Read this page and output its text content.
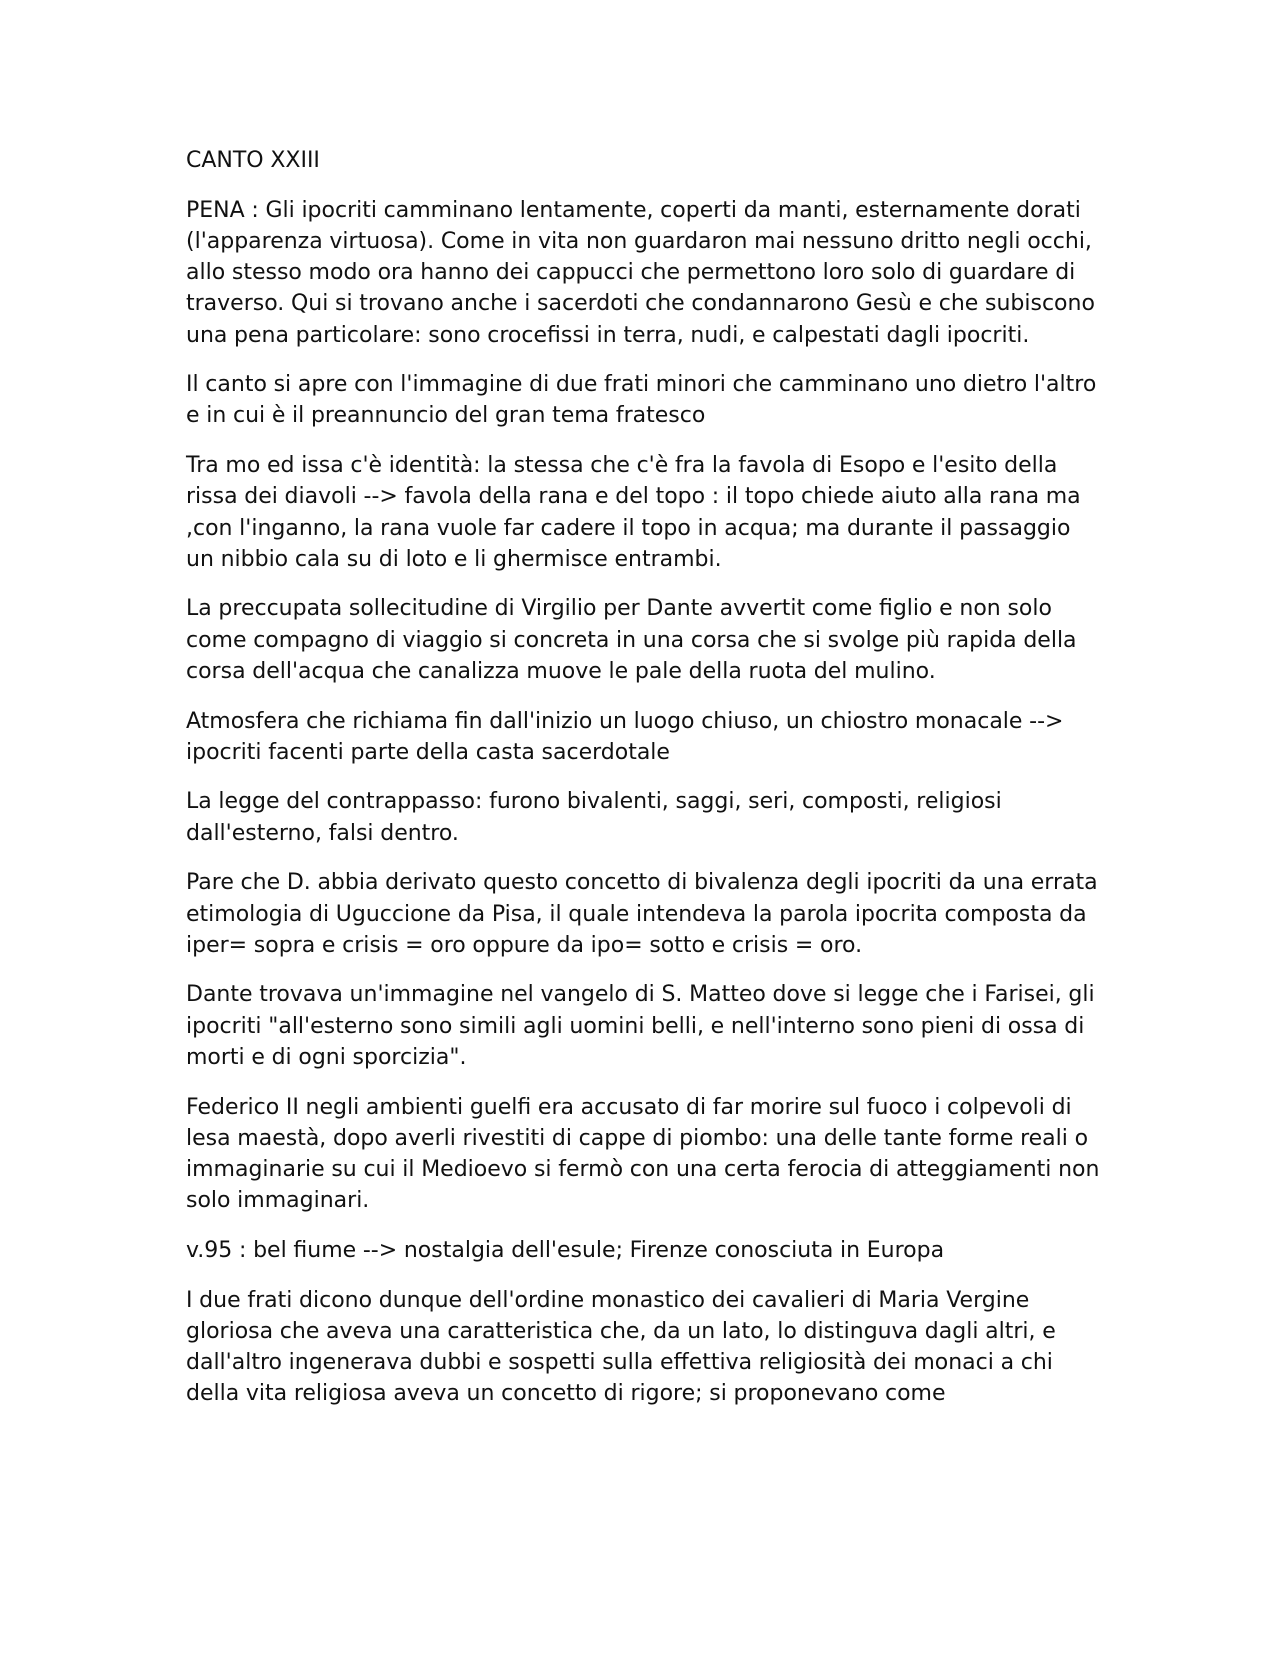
CANTO XXIII

PENA : Gli ipocriti camminano lentamente, coperti da manti, esternamente dorati (l'apparenza virtuosa). Come in vita non guardaron mai nessuno dritto negli occhi, allo stesso modo ora hanno dei cappucci che permettono loro solo di guardare di traverso. Qui si trovano anche i sacerdoti che condannarono Gesù e che subiscono una pena particolare: sono crocefissi in terra, nudi, e calpestati dagli ipocriti.

Il canto si apre con l'immagine di due frati minori che camminano uno dietro l'altro e in cui è il preannuncio del gran tema fratesco

Tra mo ed issa c'è identità: la stessa che c'è fra la favola di Esopo e l'esito della rissa dei diavoli --> favola della rana e del topo : il topo chiede aiuto alla rana ma ,con l'inganno, la rana vuole far cadere il topo in acqua; ma durante il passaggio un nibbio cala su di loto e li ghermisce entrambi.

La preccupata sollecitudine di Virgilio per Dante avvertit come figlio e non solo come compagno di viaggio si concreta in una corsa che si svolge più rapida della corsa dell'acqua che canalizza muove le pale della ruota del mulino.

Atmosfera che richiama fin dall'inizio un luogo chiuso, un chiostro monacale --> ipocriti facenti parte della casta sacerdotale

La legge del contrappasso: furono bivalenti, saggi, seri, composti, religiosi dall'esterno, falsi dentro.

Pare che D. abbia derivato questo concetto di bivalenza degli ipocriti da una errata etimologia di Uguccione da Pisa, il quale intendeva la parola ipocrita composta da iper= sopra e crisis = oro oppure da ipo= sotto e crisis = oro.

Dante trovava un'immagine nel vangelo di S. Matteo dove si legge che i Farisei, gli ipocriti "all'esterno sono simili agli uomini belli, e nell'interno sono pieni di ossa di morti e di ogni sporcizia".

Federico II negli ambienti guelfi era accusato di far morire sul fuoco i colpevoli di lesa maestà, dopo averli rivestiti di cappe di piombo: una delle tante forme reali o immaginarie su cui il Medioevo si fermò con una certa ferocia di atteggiamenti non solo immaginari.

v.95 : bel fiume --> nostalgia dell'esule; Firenze conosciuta in Europa

I due frati dicono dunque dell'ordine monastico dei cavalieri di Maria Vergine gloriosa che aveva una caratteristica che, da un lato, lo distinguva dagli altri, e dall'altro ingenerava dubbi e sospetti sulla effettiva religiosità dei monaci a chi della vita religiosa aveva un concetto di rigore; si proponevano come
